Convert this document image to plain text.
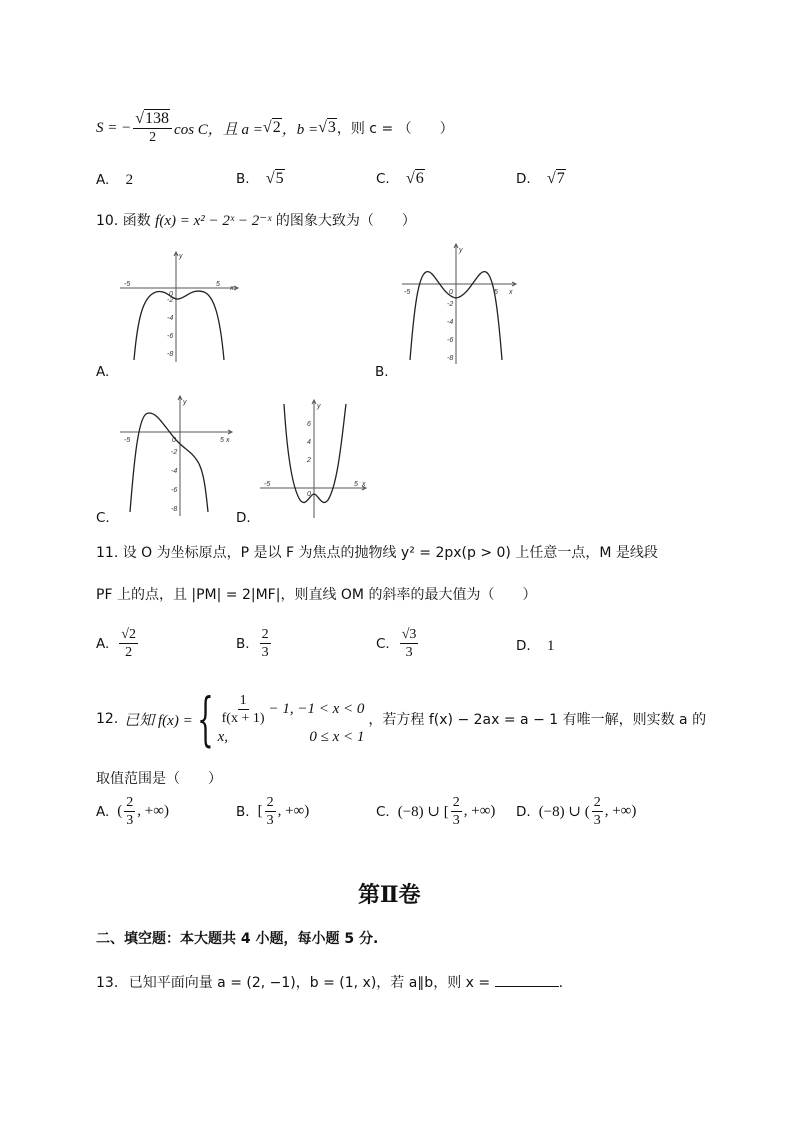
S = − $\frac{√138}{2}$ cos C，且 a = √2 ，b = √3 ，则 c = （　　）
A. 2	B. √5	C. √6	D. √7
10. 函数 f(x) = x² − 2ˣ − 2⁻ˣ 的图象大致为（　　）
x
y
-5
0
5
-2
-4
-6
-8
A.
x
y
-5	0	5
-2
-4
-6
-8
B.
x
y
-5	0	5
-2
-4
-6
-8
C.
x
y
-5
0
5
6
4
2
D.
11. 设 O 为坐标原点，P 是以 F 为焦点的抛物线 y² = 2px(p > 0) 上任意一点，M 是线段
PF 上的点，且 |PM| = 2|MF|，则直线 OM 的斜率的最大值为（　　）
A. $\frac{√2}{2}$	B. $\frac{2}{3}$	C. $\frac{√3}{3}$	D. 1
12. 已知 f(x) = { $\frac{1}{f(x + 1)} - 1$, −1 < x < 0
x,	0 ≤ x < 1
，若方程 f(x) − 2ax = a − 1 有唯一解，则实数 a 的
取值范围是（　　）
A. ( $\frac{2}{3}$ , +∞)	B. [ $\frac{2}{3}$ , +∞)	C. (−8) ∪ [ $\frac{2}{3}$ , +∞) D. (−8) ∪ ( $\frac{2}{3}$ , +∞)
第Ⅱ卷
二、填空题：本大题共 4 小题，每小题 5 分.
13. 已知平面向量 a = (2, −1)，b = (1, x)，若 a∥b，则 x =	.
